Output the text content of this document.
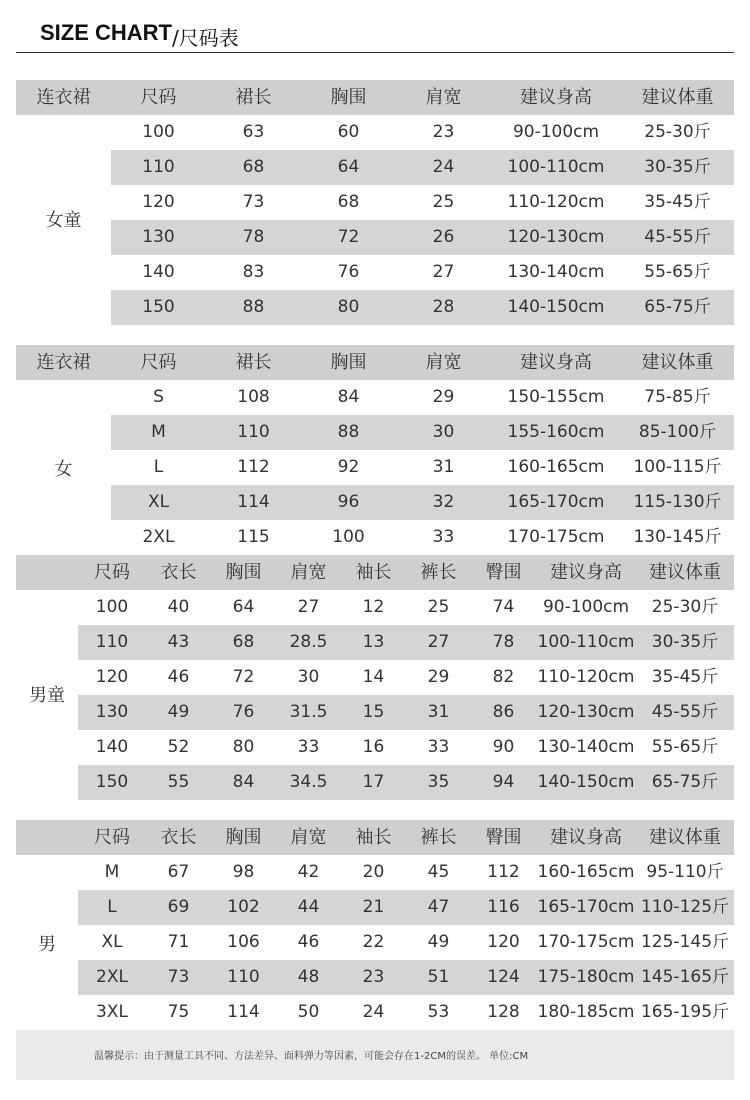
SIZE CHART /尺码表
连衣裙	尺码	裙长	胸围	肩宽	建议身高	建议体重
100	63	60	23	90-100cm	25-30斤
110	68	64	24	100-110cm	30-35斤
120	73	68	25	110-120cm	35-45斤
130	78	72	26	120-130cm	45-55斤
140	83	76	27	130-140cm	55-65斤
150	88	80	28	140-150cm	65-75斤
女童
连衣裙	尺码	裙长	胸围	肩宽	建议身高	建议体重
S	108	84	29	150-155cm	75-85斤
M	110	88	30	155-160cm	85-100斤
L	112	92	31	160-165cm	100-115斤
XL	114	96	32	165-170cm	115-130斤
2XL	115	100	33	170-175cm	130-145斤
女
尺码	衣长	胸围	肩宽	袖长	裤长	臀围	建议身高	建议体重
100	40	64	27	12	25	74	90-100cm	25-30斤
110	43	68	28.5	13	27	78	100-110cm	30-35斤
120	46	72	30	14	29	82	110-120cm	35-45斤
130	49	76	31.5	15	31	86	120-130cm	45-55斤
140	52	80	33	16	33	90	130-140cm	55-65斤
150	55	84	34.5	17	35	94	140-150cm	65-75斤
男童
尺码	衣长	胸围	肩宽	袖长	裤长	臀围	建议身高	建议体重
M	67	98	42	20	45	112	160-165cm 95-110斤
L	69	102	44	21	47	116	165-170cm 110-125斤
XL	71	106	46	22	49	120	170-175cm 125-145斤
2XL	73	110	48	23	51	124	175-180cm 145-165斤
3XL	75	114	50	24	53	128	180-185cm 165-195斤
男
温馨提示：由于测量工具不同、方法差异、面料弹力等因素，可能会存在1-2CM的误差。 单位:CM
